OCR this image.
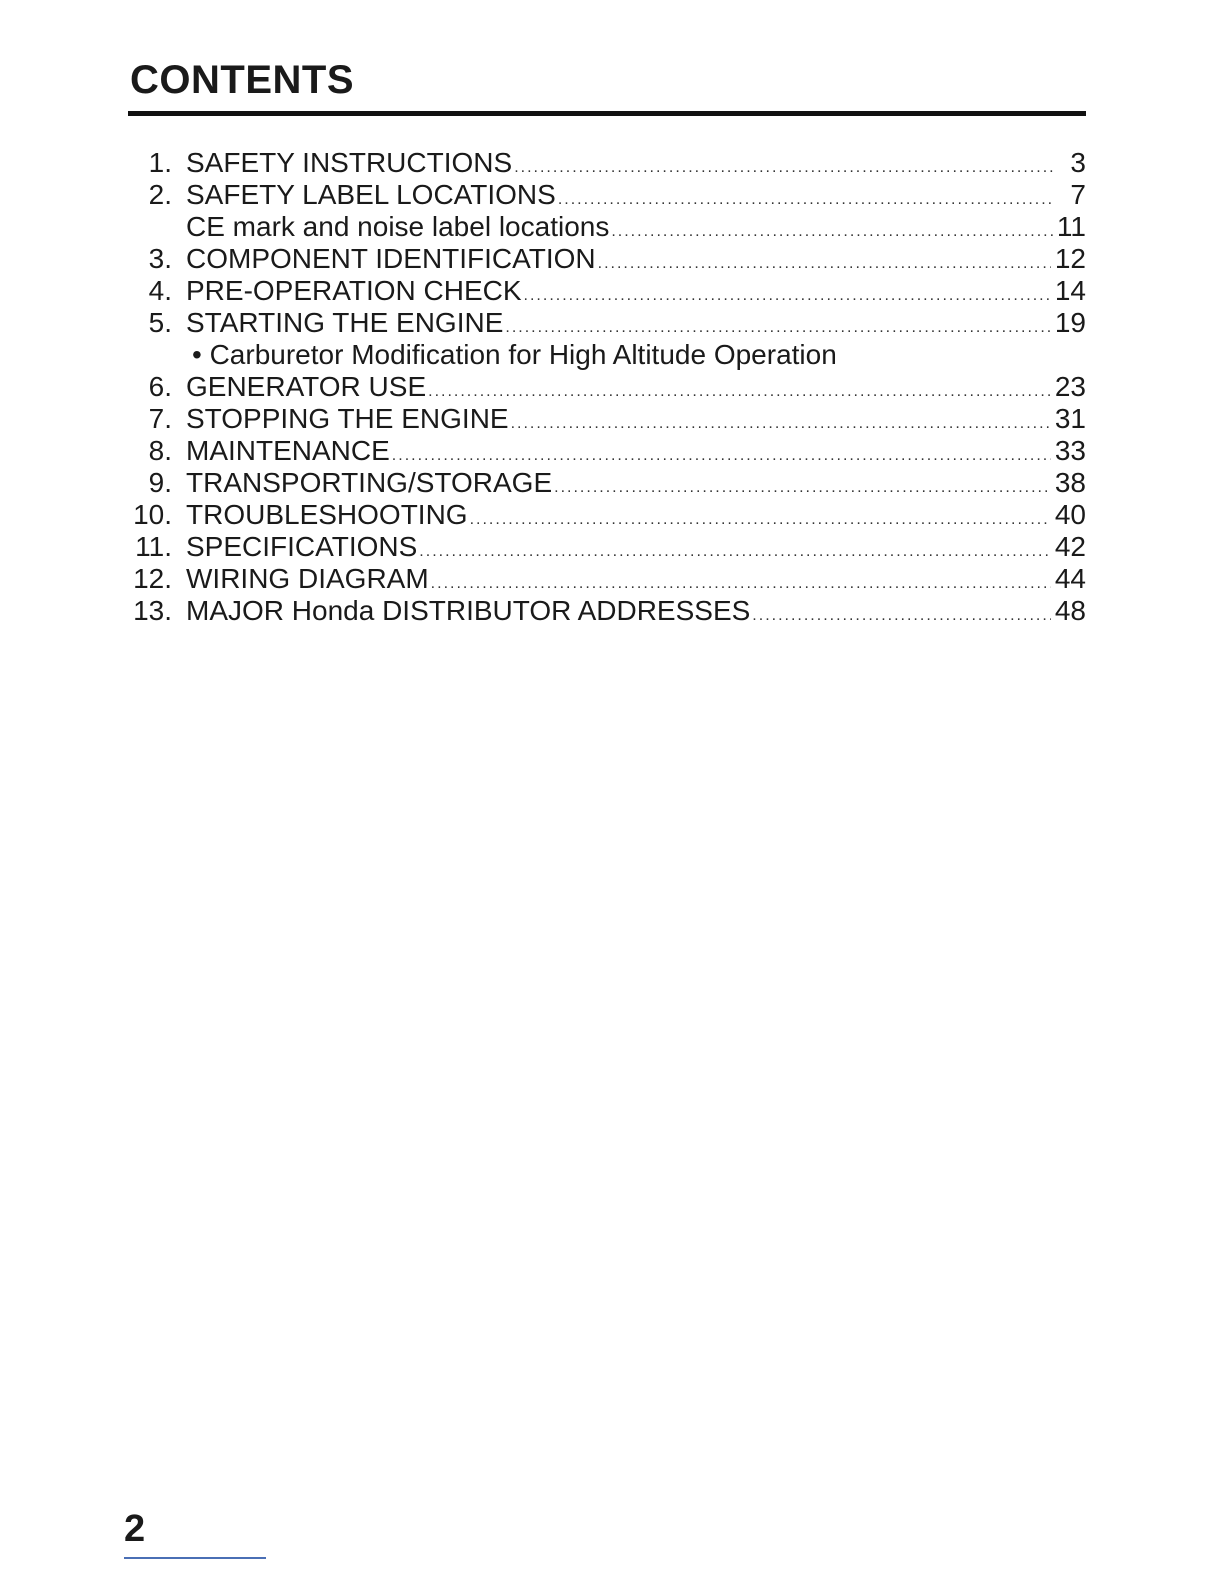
CONTENTS
1. SAFETY INSTRUCTIONS .....	3
2. SAFETY LABEL LOCATIONS .....	7
CE mark and noise label locations .....	11
3. COMPONENT IDENTIFICATION .....	12
4. PRE-OPERATION CHECK .....	14
5. STARTING THE ENGINE .....	19
• Carburetor Modification for High Altitude Operation
6. GENERATOR USE .....	23
7. STOPPING THE ENGINE .....	31
8. MAINTENANCE .....	33
9. TRANSPORTING/STORAGE .....	38
10. TROUBLESHOOTING .....	40
11. SPECIFICATIONS .....	42
12. WIRING DIAGRAM .....	44
13. MAJOR Honda DISTRIBUTOR ADDRESSES .....	48
2
